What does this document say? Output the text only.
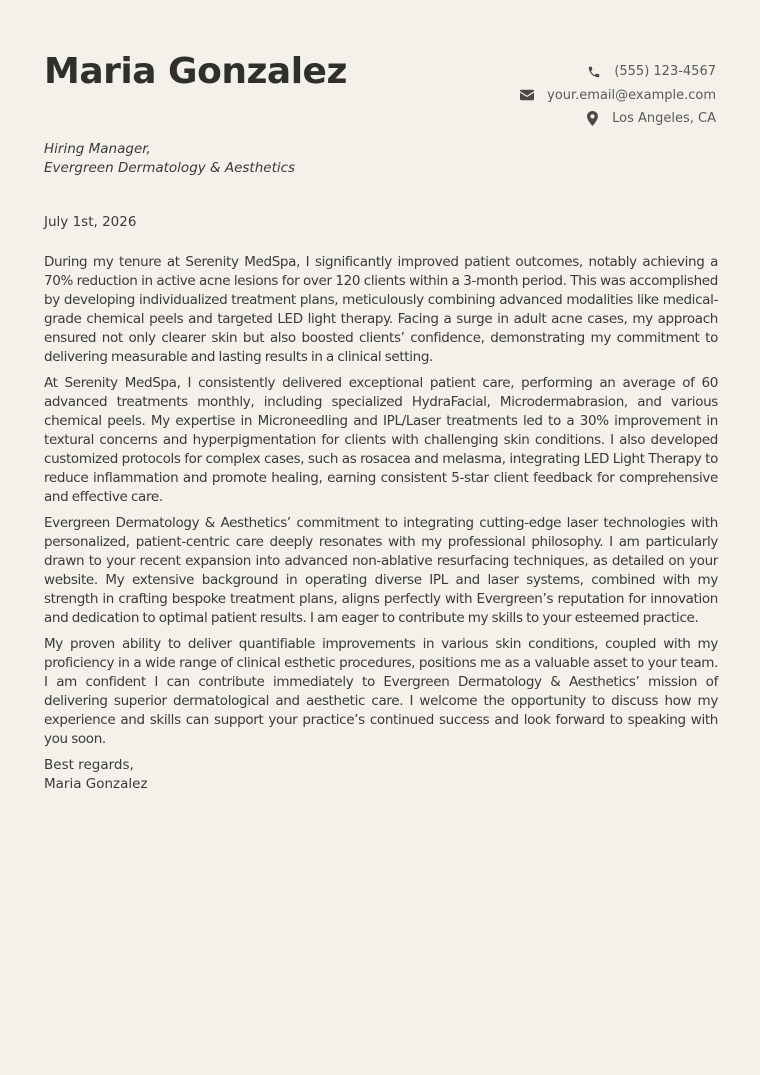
Maria Gonzalez	(555) 123-4567
your.email@example.com
Los Angeles, CA
Hiring Manager,
Evergreen Dermatology & Aesthetics
July 1st, 2026

During my tenure at Serenity MedSpa, I significantly improved patient outcomes, notably achieving a 70% reduction in active acne lesions for over 120 clients within a 3-month period. This was accomplished by developing individualized treatment plans, meticulously combining advanced modalities like medical-grade chemical peels and targeted LED light therapy. Facing a surge in adult acne cases, my approach ensured not only clearer skin but also boosted clients’ confidence, demonstrating my commitment to delivering measurable and lasting results in a clinical setting.

At Serenity MedSpa, I consistently delivered exceptional patient care, performing an average of 60 advanced treatments monthly, including specialized HydraFacial, Microdermabrasion, and various chemical peels. My expertise in Microneedling and IPL/Laser treatments led to a 30% improvement in textural concerns and hyperpigmentation for clients with challenging skin conditions. I also developed customized protocols for complex cases, such as rosacea and melasma, integrating LED Light Therapy to reduce inflammation and promote healing, earning consistent 5-star client feedback for comprehensive and effective care.

Evergreen Dermatology & Aesthetics’ commitment to integrating cutting-edge laser technologies with personalized, patient-centric care deeply resonates with my professional philosophy. I am particularly drawn to your recent expansion into advanced non-ablative resurfacing techniques, as detailed on your website. My extensive background in operating diverse IPL and laser systems, combined with my strength in crafting bespoke treatment plans, aligns perfectly with Evergreen’s reputation for innovation and dedication to optimal patient results. I am eager to contribute my skills to your esteemed practice.

My proven ability to deliver quantifiable improvements in various skin conditions, coupled with my proficiency in a wide range of clinical esthetic procedures, positions me as a valuable asset to your team. I am confident I can contribute immediately to Evergreen Dermatology & Aesthetics’ mission of delivering superior dermatological and aesthetic care. I welcome the opportunity to discuss how my experience and skills can support your practice’s continued success and look forward to speaking with you soon.

Best regards,
Maria Gonzalez
